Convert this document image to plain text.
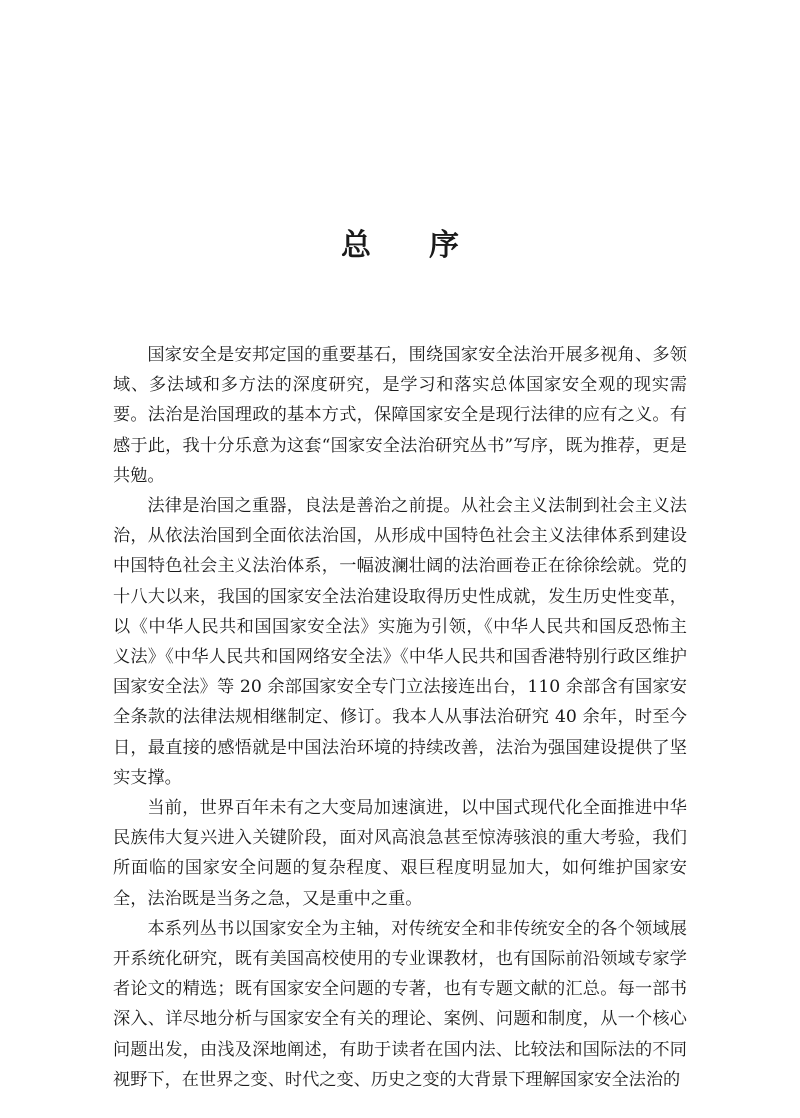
总 序

国家安全是安邦定国的重要基石，围绕国家安全法治开展多视角、多领域、多法域和多方法的深度研究，是学习和落实总体国家安全观的现实需要。法治是治国理政的基本方式，保障国家安全是现行法律的应有之义。有感于此，我十分乐意为这套“国家安全法治研究丛书”写序，既为推荐，更是共勉。

法律是治国之重器，良法是善治之前提。从社会主义法制到社会主义法治，从依法治国到全面依法治国，从形成中国特色社会主义法律体系到建设中国特色社会主义法治体系，一幅波澜壮阔的法治画卷正在徐徐绘就。党的十八大以来，我国的国家安全法治建设取得历史性成就，发生历史性变革，以《中华人民共和国国家安全法》实施为引领，《中华人民共和国反恐怖主义法》《中华人民共和国网络安全法》《中华人民共和国香港特别行政区维护国家安全法》等 20 余部国家安全专门立法接连出台，110 余部含有国家安全条款的法律法规相继制定、修订。我本人从事法治研究 40 余年，时至今日，最直接的感悟就是中国法治环境的持续改善，法治为强国建设提供了坚实支撑。

当前，世界百年未有之大变局加速演进，以中国式现代化全面推进中华民族伟大复兴进入关键阶段，面对风高浪急甚至惊涛骇浪的重大考验，我们所面临的国家安全问题的复杂程度、艰巨程度明显加大，如何维护国家安全，法治既是当务之急，又是重中之重。

本系列丛书以国家安全为主轴，对传统安全和非传统安全的各个领域展开系统化研究，既有美国高校使用的专业课教材，也有国际前沿领域专家学者论文的精选；既有国家安全问题的专著，也有专题文献的汇总。每一部书深入、详尽地分析与国家安全有关的理论、案例、问题和制度，从一个核心问题出发，由浅及深地阐述，有助于读者在国内法、比较法和国际法的不同视野下，在世界之变、时代之变、历史之变的大背景下理解国家安全法治的
